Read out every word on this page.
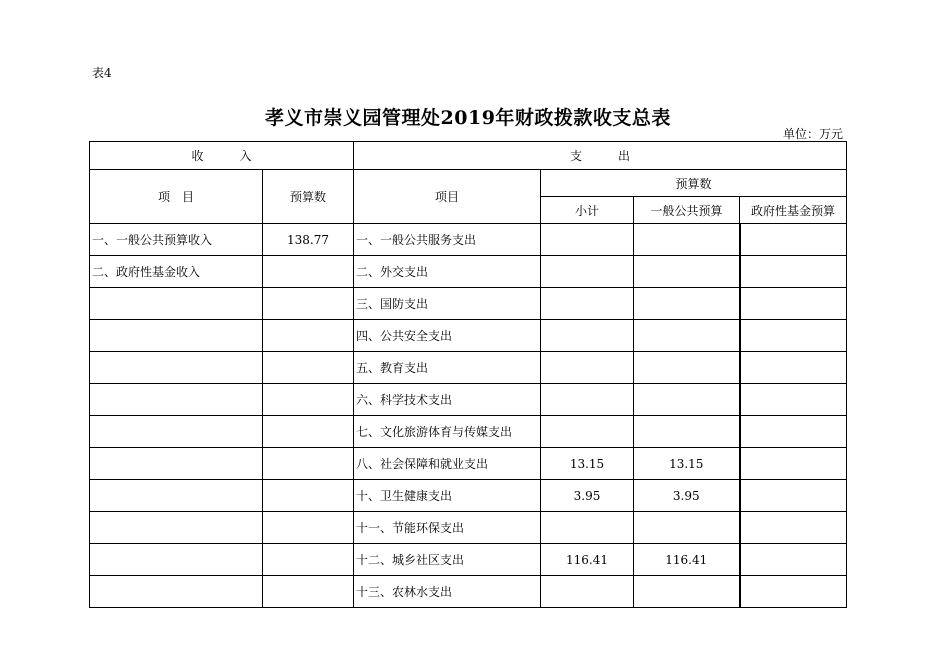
表4
孝义市崇义园管理处2019年财政拨款收支总表
单位：万元
收　　　入		支　　　出			
项　目	预算数	项目	预算数		
			小计	一般公共预算	政府性基金预算
一、一般公共预算收入	138.77	一、一般公共服务支出			
二、政府性基金收入		二、外交支出			
		三、国防支出			
		四、公共安全支出			
		五、教育支出			
		六、科学技术支出			
		七、文化旅游体育与传媒支出			
		八、社会保障和就业支出	13.15	13.15	
		十、卫生健康支出	3.95	3.95	
		十一、节能环保支出			
		十二、城乡社区支出	116.41	116.41	
		十三、农林水支出			
